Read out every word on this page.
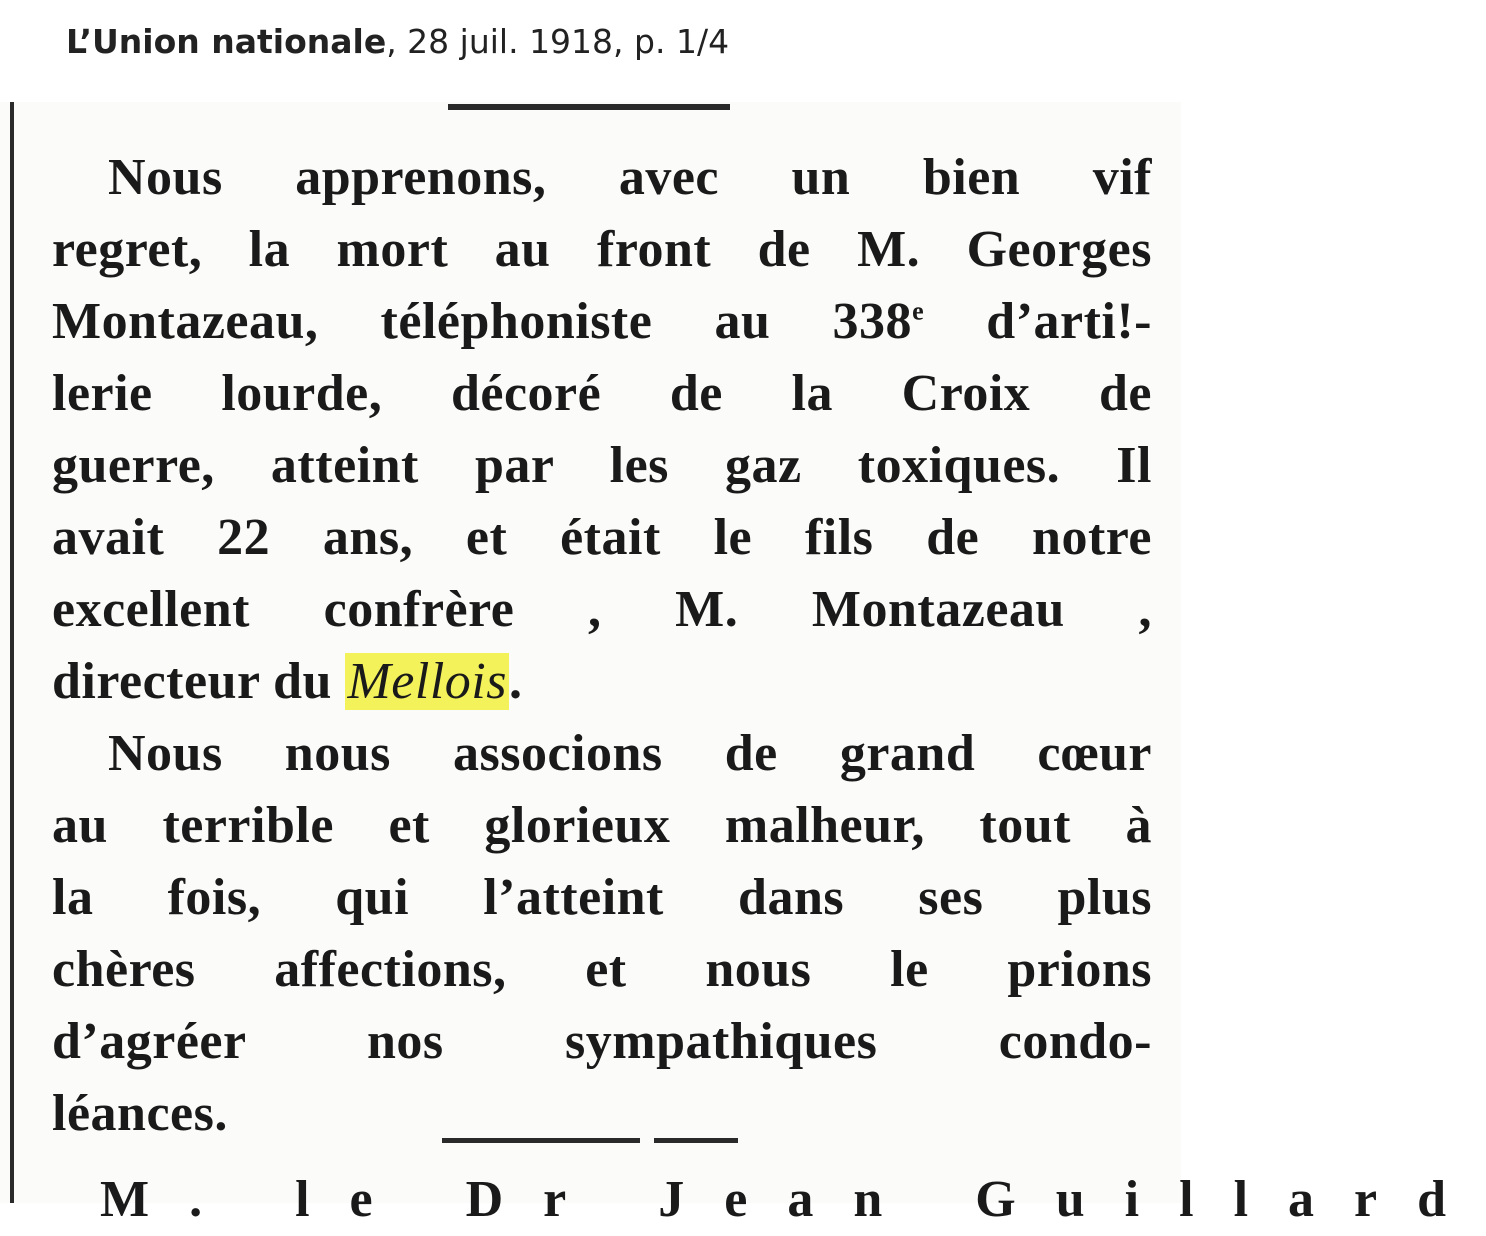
L’Union nationale, 28 juil. 1918, p. 1/4
Nous apprenons, avec un bien vif
regret, la mort au front de M. Georges
Montazeau, téléphoniste au 338e d’arti!-
lerie lourde, décoré de la Croix de
guerre, atteint par les gaz toxiques. Il
avait 22 ans, et était le fils de notre
excellent confrère , M. Montazeau ,
directeur du Mellois.
Nous nous associons de grand cœur
au terrible et glorieux malheur, tout à
la fois, qui l’atteint dans ses plus
chères affections, et nous le prions
d’agréer nos sympathiques condo-
léances.
M. le Dr Jean Guillard
